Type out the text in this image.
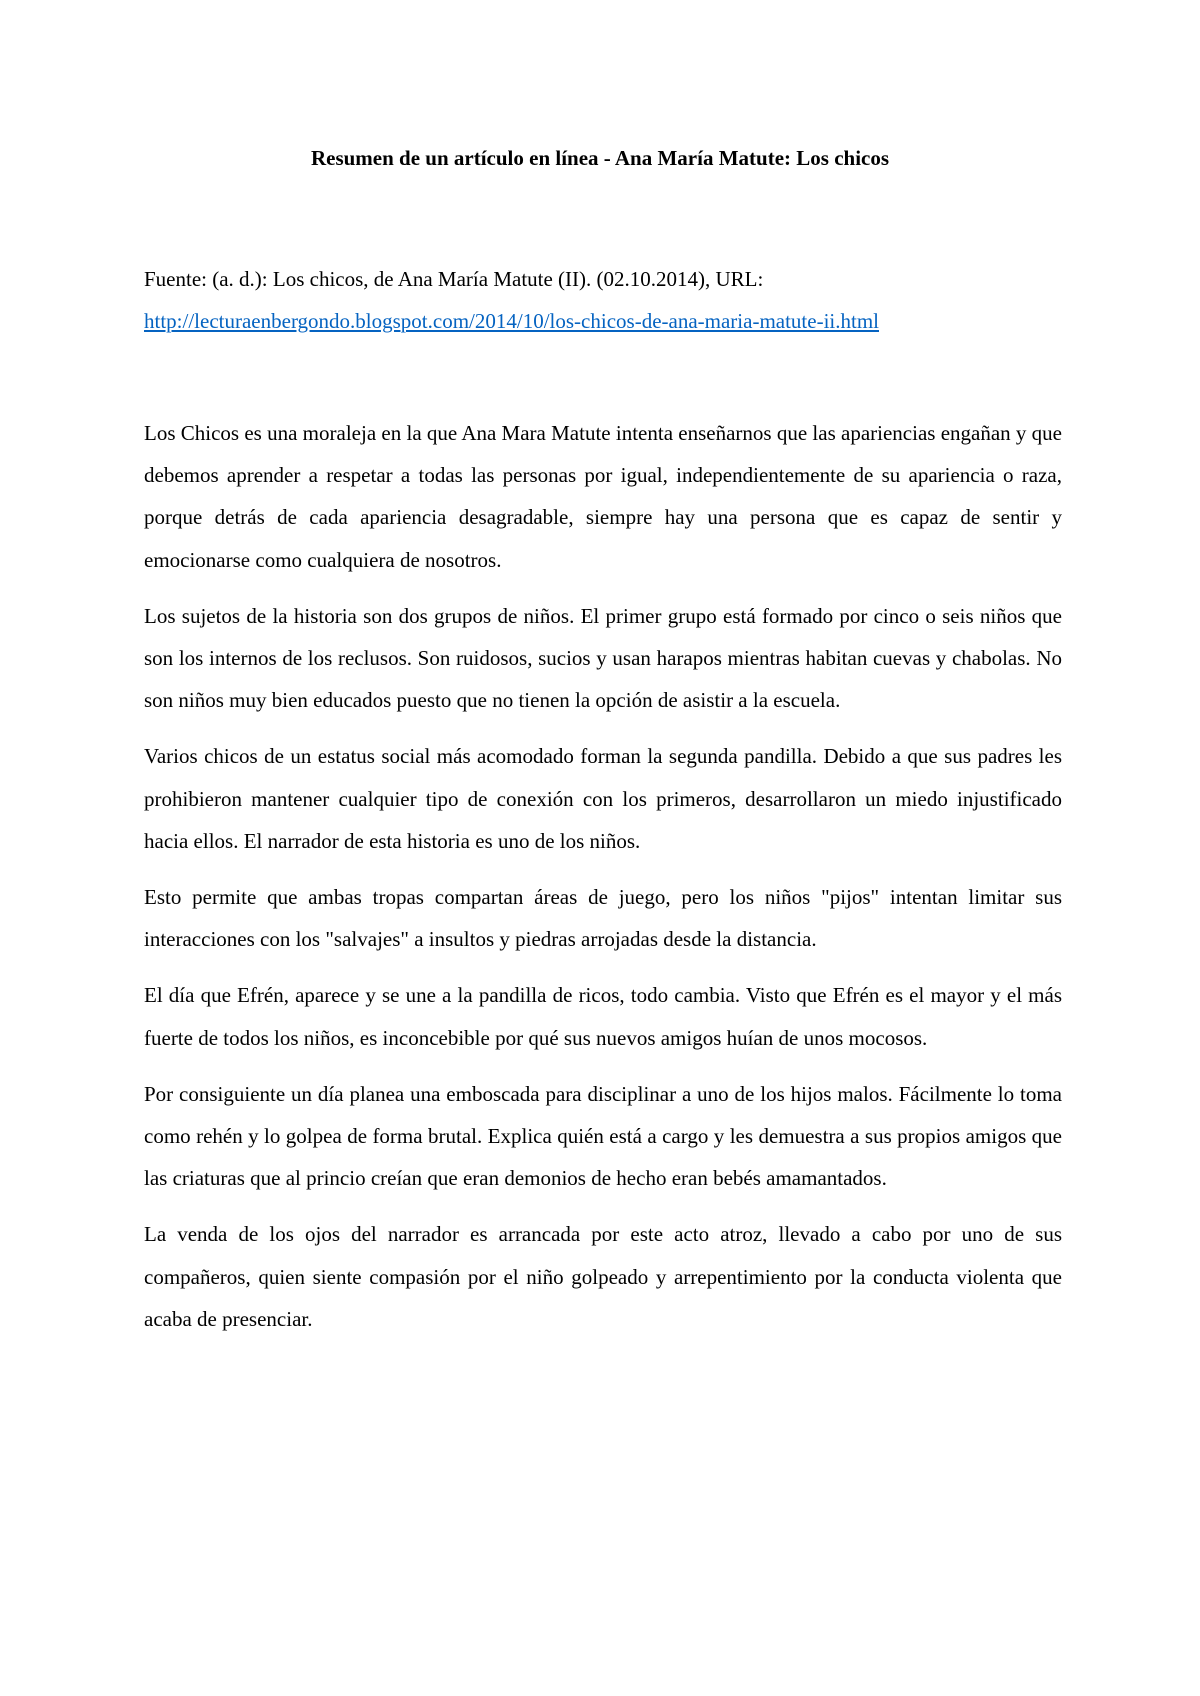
Resumen de un artículo en línea - Ana María Matute: Los chicos
Fuente: (a. d.): Los chicos, de Ana María Matute (II). (02.10.2014), URL:
http://lecturaenbergondo.blogspot.com/2014/10/los-chicos-de-ana-maria-matute-ii.html

Los Chicos es una moraleja en la que Ana Mara Matute intenta enseñarnos que las apariencias engañan y que debemos aprender a respetar a todas las personas por igual, independientemente de su apariencia o raza, porque detrás de cada apariencia desagradable, siempre hay una persona que es capaz de sentir y emocionarse como cualquiera de nosotros.

Los sujetos de la historia son dos grupos de niños. El primer grupo está formado por cinco o seis niños que son los internos de los reclusos. Son ruidosos, sucios y usan harapos mientras habitan cuevas y chabolas. No son niños muy bien educados puesto que no tienen la opción de asistir a la escuela.

Varios chicos de un estatus social más acomodado forman la segunda pandilla. Debido a que sus padres les prohibieron mantener cualquier tipo de conexión con los primeros, desarrollaron un miedo injustificado hacia ellos. El narrador de esta historia es uno de los niños.

Esto permite que ambas tropas compartan áreas de juego, pero los niños "pijos" intentan limitar sus interacciones con los "salvajes" a insultos y piedras arrojadas desde la distancia.

El día que Efrén, aparece y se une a la pandilla de ricos, todo cambia. Visto que Efrén es el mayor y el más fuerte de todos los niños, es inconcebible por qué sus nuevos amigos huían de unos mocosos.

Por consiguiente un día planea una emboscada para disciplinar a uno de los hijos malos. Fácilmente lo toma como rehén y lo golpea de forma brutal. Explica quién está a cargo y les demuestra a sus propios amigos que las criaturas que al princio creían que eran demonios de hecho eran bebés amamantados.

La venda de los ojos del narrador es arrancada por este acto atroz, llevado a cabo por uno de sus compañeros, quien siente compasión por el niño golpeado y arrepentimiento por la conducta violenta que acaba de presenciar.
